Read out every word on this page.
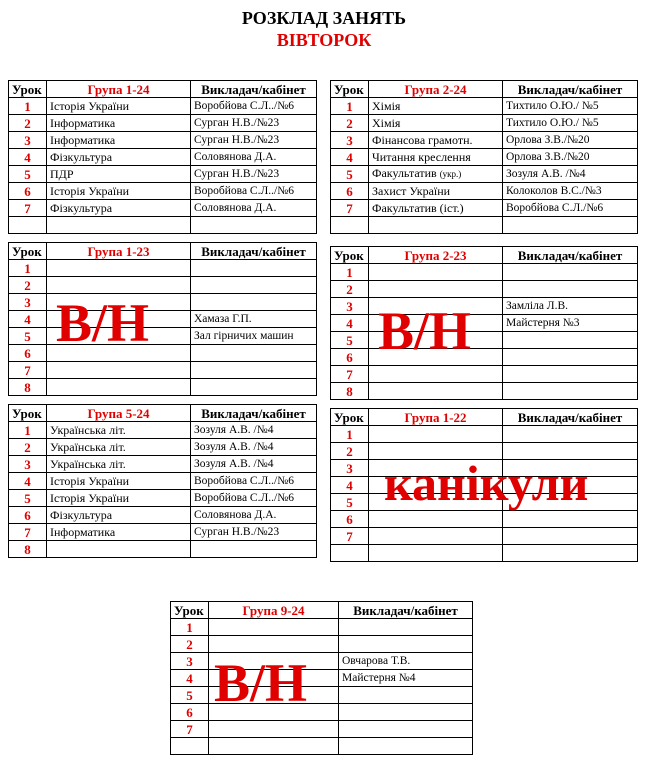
РОЗКЛАД ЗАНЯТЬ
ВІВТОРОК
Урок	Група 1-24	Викладач/кабінет
1	Історія України	Воробйова С.Л../№6
2	Інформатика	Сурган Н.В./№23
3	Інформатика	Сурган Н.В./№23
4	Фізкультура	Соловянова Д.А.
5	ПДР	Сурган Н.В./№23
6	Історія України	Воробйова С.Л../№6
7	Фізкультура	Соловянова Д.А.

Урок	Група 2-24	Викладач/кабінет
1	Хімія	Тихтило О.Ю./ №5
2	Хімія	Тихтило О.Ю./ №5
3	Фінансова грамотн.	Орлова З.В./№20
4	Читання креслення	Орлова З.В./№20
5	Факультатив (укр.)	Зозуля А.В. /№4
6	Захист України	Колоколов В.С./№3
7	Факультатив (іст.)	Воробйова С.Л./№6

Урок	Група 1-23	Викладач/кабінет
1		
2		
3		
4		Хамаза Г.П.
5		Зал гірничих машин
6		
7		
8		
В/Н
Урок	Група 2-23	Викладач/кабінет
1		
2		
3		Замліла Л.В.
4		Майстерня №3
5		
6		
7		
8		
В/Н
Урок	Група 5-24	Викладач/кабінет
1	Українська літ.	Зозуля А.В. /№4
2	Українська літ.	Зозуля А.В. /№4
3	Українська літ.	Зозуля А.В. /№4
4	Історія України	Воробйова С.Л../№6
5	Історія України	Воробйова С.Л../№6
6	Фізкультура	Соловянова Д.А.
7	Інформатика	Сурган Н.В./№23
8		
Урок	Група 1-22	Викладач/кабінет
1		
2		
3		
4		
5		
6		
7		

канікули
Урок	Група 9-24	Викладач/кабінет
1		
2		
3		Овчарова Т.В.
4		Майстерня №4
5		
6		
7		

В/Н
